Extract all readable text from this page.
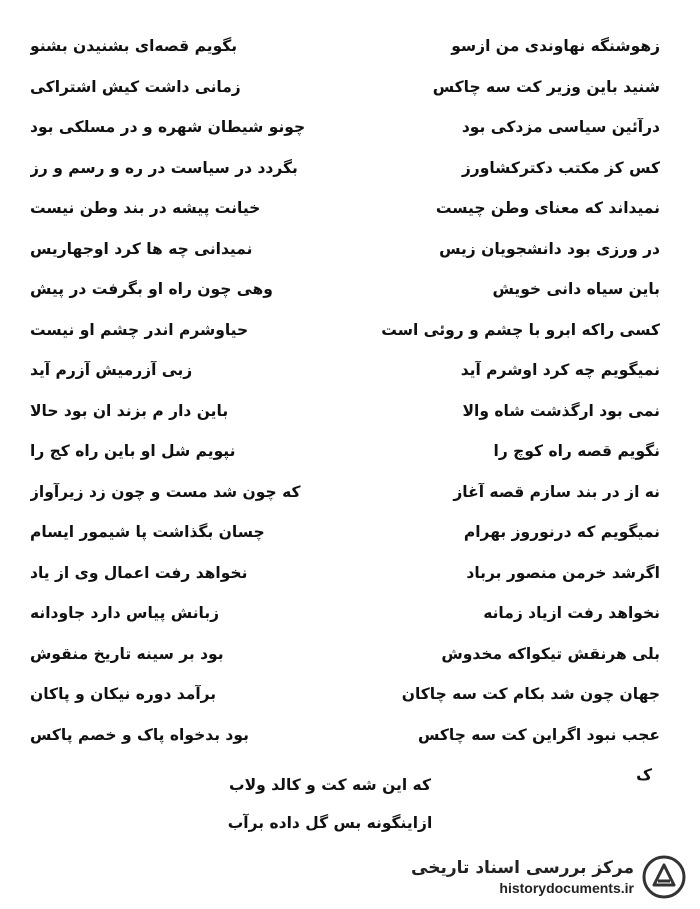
زهوشنگه نهاوندی من ازسو
بگویم قصه‌ای بشنیدن بشنو
شنید باین وزیر کت سه چاکس
زمانی داشت کیش اشتراکی
درآئین سیاسی مزدکی بود
چونو شیطان شهره و در مسلکی بود
کس کز مکتب دکترکشاورز
بگردد در سیاست در ره و رسم و رز
نمیداند که معنای وطن چیست
خیانت پیشه در بند وطن نیست
در ورزی بود دانشجویان زیس
نمیدانی چه ها کرد اوجهاریس
باین سیاه دانی خویش
وهی چون راه او بگرفت در پیش
کسی راکه ابرو با چشم و روئی است
حیاوشرم اندر چشم او نیست
نمیگویم چه کرد اوشرم آید
زبی آزرمیش آزرم آید
نمی بود ارگذشت شاه والا
باین دار م بزند ان بود حالا
نگویم قصه راه کوچ را
نپویم شل او باین راه کج را
نه از در بند سازم قصه آغاز
که چون شد مست و چون زد زیرآواز
نمیگویم که درنوروز بهرام
چسان بگذاشت پا شیمور ایسام
اگرشد خرمن منصور برباد
نخواهد رفت اعمال وی از یاد
نخواهد رفت ازیاد زمانه
زبانش پیاس دارد جاودانه
بلی هرنقش تیکواکه مخدوش
بود بر سینه تاریخ منقوش
جهان چون شد بکام کت سه چاکان
برآمد دوره نیکان و پاکان
عجب نبود اگراین کت سه چاکس
بود بدخواه پاک و خصم پاکس
ک
که این شه کت و کالد ولاب
ازاینگونه بس گل داده برآب
مرکز بررسی اسناد تاریخی
historydocuments.ir
